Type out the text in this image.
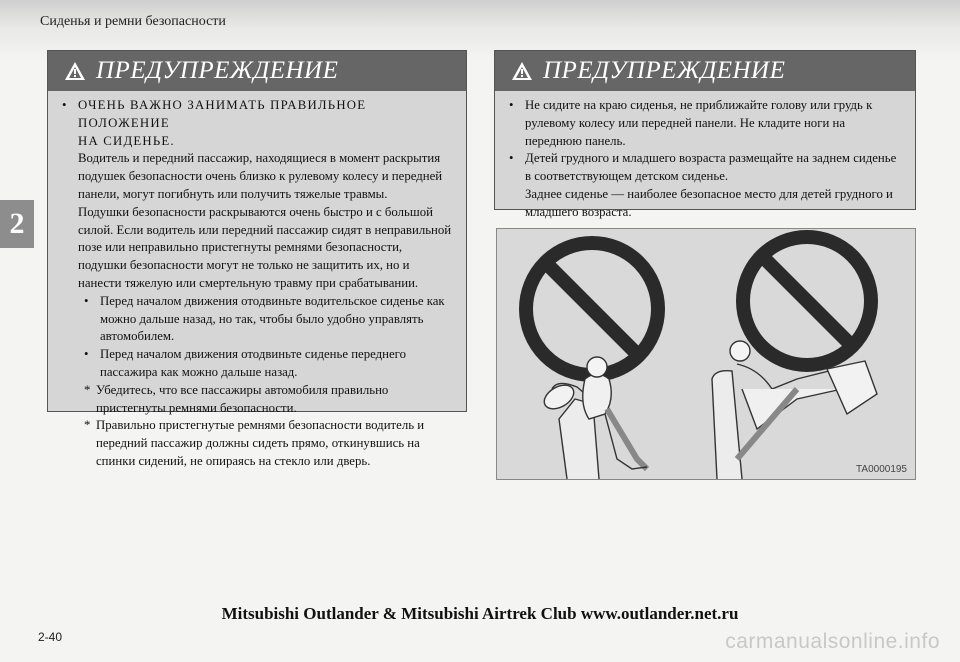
Сиденья и ремни безопасности
2
ПРЕДУПРЕЖДЕНИЕ
• ОЧЕНЬ ВАЖНО ЗАНИМАТЬ ПРАВИЛЬНОЕ ПОЛОЖЕНИЕ
НА СИДЕНЬЕ.
Водитель и передний пассажир, находящиеся в момент раскрытия подушек безопасности очень близко к рулевому колесу и передней панели, могут погибнуть или получить тяжелые травмы.
Подушки безопасности раскрываются очень быстро и с большой силой. Если водитель или передний пассажир сидят в неправильной позе или неправильно пристегнуты ремнями безопасности, подушки безопасности могут не только не защитить их, но и нанести тяжелую или смертельную травму при срабатывании.
• Перед началом движения отодвиньте водительское сиденье как можно дальше назад, но так, чтобы было удобно управлять автомобилем.
• Перед началом движения отодвиньте сиденье переднего пассажира как можно дальше назад.
* Убедитесь, что все пассажиры автомобиля правильно пристегнуты ремнями безопасности.
* Правильно пристегнутые ремнями безопасности водитель и передний пассажир должны сидеть прямо, откинувшись на спинки сидений, не опираясь на стекло или дверь.
ПРЕДУПРЕЖДЕНИЕ
• Не сидите на краю сиденья, не приближайте голову или грудь к рулевому колесу или передней панели. Не кладите ноги на переднюю панель.
• Детей грудного и младшего возраста размещайте на заднем сиденье в соответствующем детском сиденье.
Заднее сиденье — наиболее безопасное место для детей грудного и младшего возраста.
TA0000195
Mitsubishi Outlander & Mitsubishi Airtrek Club www.outlander.net.ru
2-40	carmanualsonline.info
